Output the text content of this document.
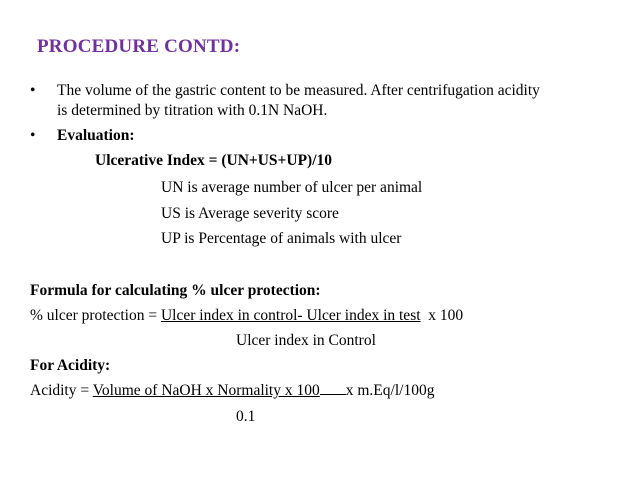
PROCEDURE CONTD:
• The volume of the gastric content to be measured. After centrifugation acidity
is determined by titration with 0.1N NaOH.
• Evaluation:
Ulcerative Index = (UN+US+UP)/10
UN is average number of ulcer per animal
US is Average severity score
UP is Percentage of animals with ulcer
Formula for calculating % ulcer protection:
% ulcer protection = Ulcer index in control- Ulcer index in test x 100
Ulcer index in Control
For Acidity:
Acidity = Volume of NaOH x Normality x 100 x m.Eq/l/100g
0.1
